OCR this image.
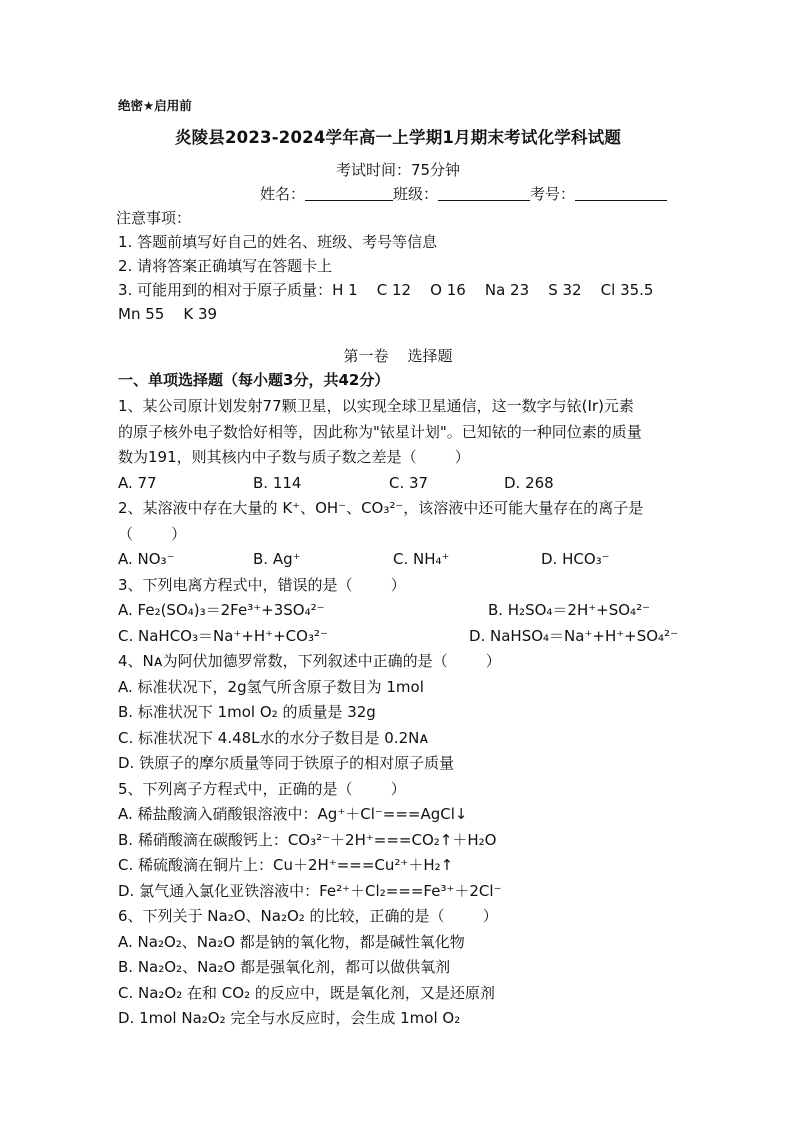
绝密★启用前
炎陵县2023-2024学年高一上学期1月期末考试化学科试题
考试时间：75分钟
姓名：	班级：	考号：
注意事项：
1. 答题前填写好自己的姓名、班级、考号等信息
2. 请将答案正确填写在答题卡上
3. 可能用到的相对于原子质量：H 1    C 12    O 16    Na 23    S 32    Cl 35.5
Mn 55    K 39
第一卷    选择题
一、单项选择题（每小题3分，共42分）
1、某公司原计划发射77颗卫星，以实现全球卫星通信，这一数字与铱(Ir)元素
的原子核外电子数恰好相等，因此称为"铱星计划"。已知铱的一种同位素的质量
数为191，则其核内中子数与质子数之差是（        ）
A. 77	B. 114	C. 37	D. 268
2、某溶液中存在大量的 K⁺、OH⁻、CO₃²⁻，该溶液中还可能大量存在的离子是
（        ）
A. NO₃⁻	B. Ag⁺	C. NH₄⁺	D. HCO₃⁻
3、下列电离方程式中，错误的是（        ）
A. Fe₂(SO₄)₃＝2Fe³⁺+3SO₄²⁻	B. H₂SO₄＝2H⁺+SO₄²⁻
C. NaHCO₃＝Na⁺+H⁺+CO₃²⁻	D. NaHSO₄＝Na⁺+H⁺+SO₄²⁻
4、Nᴀ为阿伏加德罗常数，下列叙述中正确的是（        ）
A. 标准状况下，2g氢气所含原子数目为 1mol
B. 标准状况下 1mol O₂ 的质量是 32g
C. 标准状况下 4.48L水的水分子数目是 0.2Nᴀ
D. 铁原子的摩尔质量等同于铁原子的相对原子质量
5、下列离子方程式中，正确的是（        ）
A. 稀盐酸滴入硝酸银溶液中：Ag⁺＋Cl⁻===AgCl↓
B. 稀硝酸滴在碳酸钙上：CO₃²⁻＋2H⁺===CO₂↑＋H₂O
C. 稀硫酸滴在铜片上：Cu＋2H⁺===Cu²⁺＋H₂↑
D. 氯气通入氯化亚铁溶液中：Fe²⁺＋Cl₂===Fe³⁺＋2Cl⁻
6、下列关于 Na₂O、Na₂O₂ 的比较，正确的是（        ）
A. Na₂O₂、Na₂O 都是钠的氧化物，都是碱性氧化物
B. Na₂O₂、Na₂O 都是强氧化剂，都可以做供氧剂
C. Na₂O₂ 在和 CO₂ 的反应中，既是氧化剂，又是还原剂
D. 1mol Na₂O₂ 完全与水反应时，会生成 1mol O₂
